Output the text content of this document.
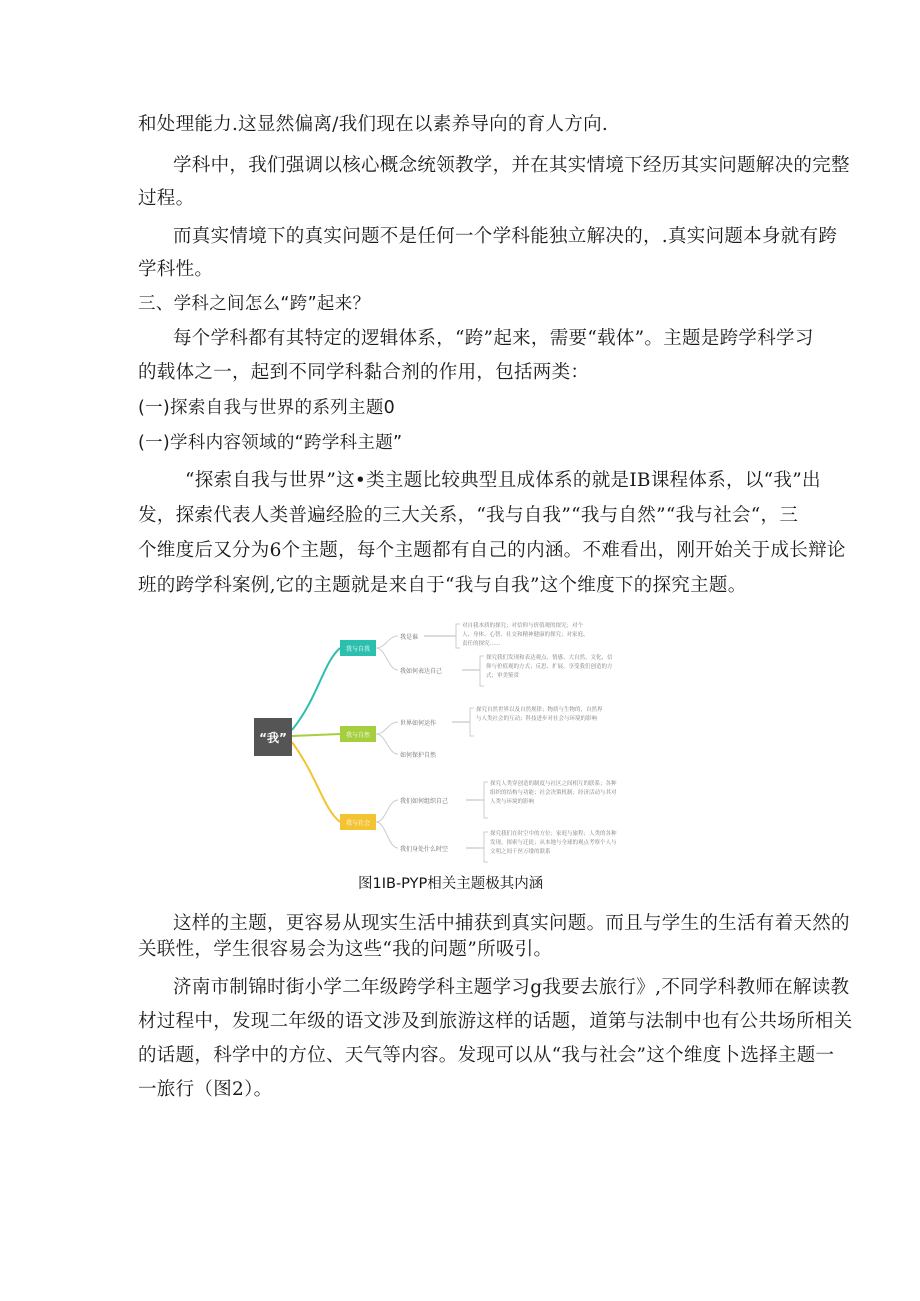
和处理能力.这显然偏离/我们现在以素养导向的育人方向.
学科中，我们强调以核心概念统领教学，并在其实情境下经历其实问题解决的完整
过程。
而真实情境下的真实问题不是任何一个学科能独立解决的，.真实问题本身就有跨
学科性。
三、学科之间怎么“跨”起来？
每个学科都有其特定的逻辑体系，“跨”起来，需要“载体”。主题是跨学科学习
的载体之一，起到不同学科黏合剂的作用，包括两类：
(一)探索自我与世界的系列主题0
(一)学科内容领域的“跨学科主题”
“探索自我与世界”这•类主题比较典型且成体系的就是IB课程体系，以“我”出
发，探索代表人类普遍经脸的三大关系，“我与自我”“我与自然”“我与社会“，三
个维度后又分为6个主题，每个主题都有自己的内涵。不难看出，刚开始关于成长辩论
班的跨学科案例,它的主题就是来自于“我与自我”这个维度下的探究主题。
“我”
我与自我
我与自然
我与社会
我是谁
对自我本质的探究；对信仰与价值观的探究；对个人、身体、心智、社交和精神健康的探究；对家庭、责任的探究……
我如何表达自己
探究我们发现和表达观点、情感、大自然、文化、信仰与价值观的方式；反思、扩展、享受我们创造的方式；审美鉴赏
世界如何运作
探究自然世界以及自然规律；物质与生物的、自然界与人类社会的互动；科技进步对社会与环境的影响
如何保护自然
我们如何组织自己
探究人类穿创造的制度与社区之间相互的联系；各种组织的结构与功能；社会决策机制；经济活动与其对人类与环境的影响
我们身处什么时空
探究我们在时空中的方位；家庭与旅程；人类的各种发现、探索与迁徙；从本地与全球的观点考察个人与文明之间千丝万缕的联系
图1IB-PYP相关主题极其内涵
这样的主题，更容易从现实生活中捕获到真实问题。而且与学生的生活有着天然的
关联性，学生很容易会为这些“我的问题”所吸引。
济南市制锦时街小学二年级跨学科主题学习g我要去旅行》,不同学科教师在解读教
材过程中，发现二年级的语文涉及到旅游这样的话题，道第与法制中也有公共场所相关
的话题，科学中的方位、天气等内容。发现可以从“我与社会”这个维度卜选择主题一
一旅行（图2）。
